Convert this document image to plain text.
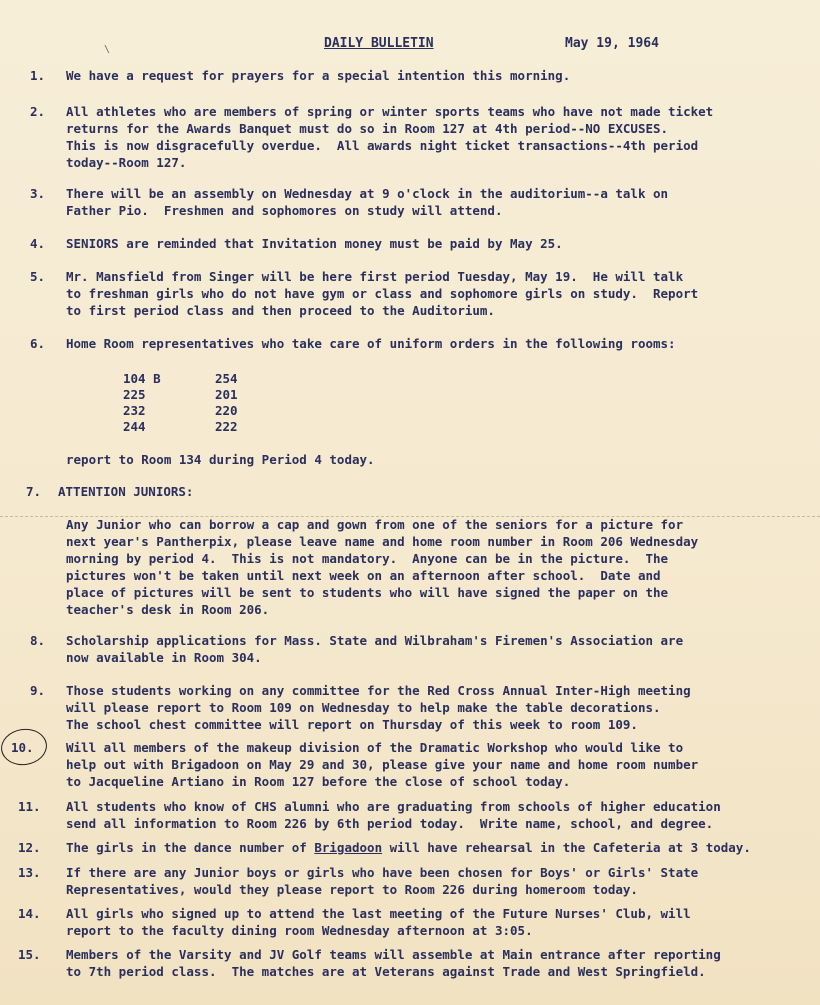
\	DAILY BULLETIN	May 19, 1964
1.	We have a request for prayers for a special intention this morning.
2.	All athletes who are members of spring or winter sports teams who have not made ticket
returns for the Awards Banquet must do so in Room 127 at 4th period--NO EXCUSES.
This is now disgracefully overdue.  All awards night ticket transactions--4th period
today--Room 127.
3.	There will be an assembly on Wednesday at 9 o'clock in the auditorium--a talk on
Father Pio.  Freshmen and sophomores on study will attend.
4.	SENIORS are reminded that Invitation money must be paid by May 25.
5.	Mr. Mansfield from Singer will be here first period Tuesday, May 19.  He will talk
to freshman girls who do not have gym or class and sophomore girls on study.  Report
to first period class and then proceed to the Auditorium.
6.	Home Room representatives who take care of uniform orders in the following rooms:
104 B	254
225	201
232	220
244	222
report to Room 134 during Period 4 today.
7. ATTENTION JUNIORS:
Any Junior who can borrow a cap and gown from one of the seniors for a picture for
next year's Pantherpix, please leave name and home room number in Room 206 Wednesday
morning by period 4.  This is not mandatory.  Anyone can be in the picture.  The
pictures won't be taken until next week on an afternoon after school.  Date and
place of pictures will be sent to students who will have signed the paper on the
teacher's desk in Room 206.
8.	Scholarship applications for Mass. State and Wilbraham's Firemen's Association are
now available in Room 304.
9.	Those students working on any committee for the Red Cross Annual Inter-High meeting
will please report to Room 109 on Wednesday to help make the table decorations.
The school chest committee will report on Thursday of this week to room 109.
10.	Will all members of the makeup division of the Dramatic Workshop who would like to
help out with Brigadoon on May 29 and 30, please give your name and home room number
to Jacqueline Artiano in Room 127 before the close of school today.
11.	All students who know of CHS alumni who are graduating from schools of higher education
send all information to Room 226 by 6th period today.  Write name, school, and degree.
12.	The girls in the dance number of Brigadoon will have rehearsal in the Cafeteria at 3 today.
13.	If there are any Junior boys or girls who have been chosen for Boys' or Girls' State
Representatives, would they please report to Room 226 during homeroom today.
14.	All girls who signed up to attend the last meeting of the Future Nurses' Club, will
report to the faculty dining room Wednesday afternoon at 3:05.
15.	Members of the Varsity and JV Golf teams will assemble at Main entrance after reporting
to 7th period class.  The matches are at Veterans against Trade and West Springfield.
